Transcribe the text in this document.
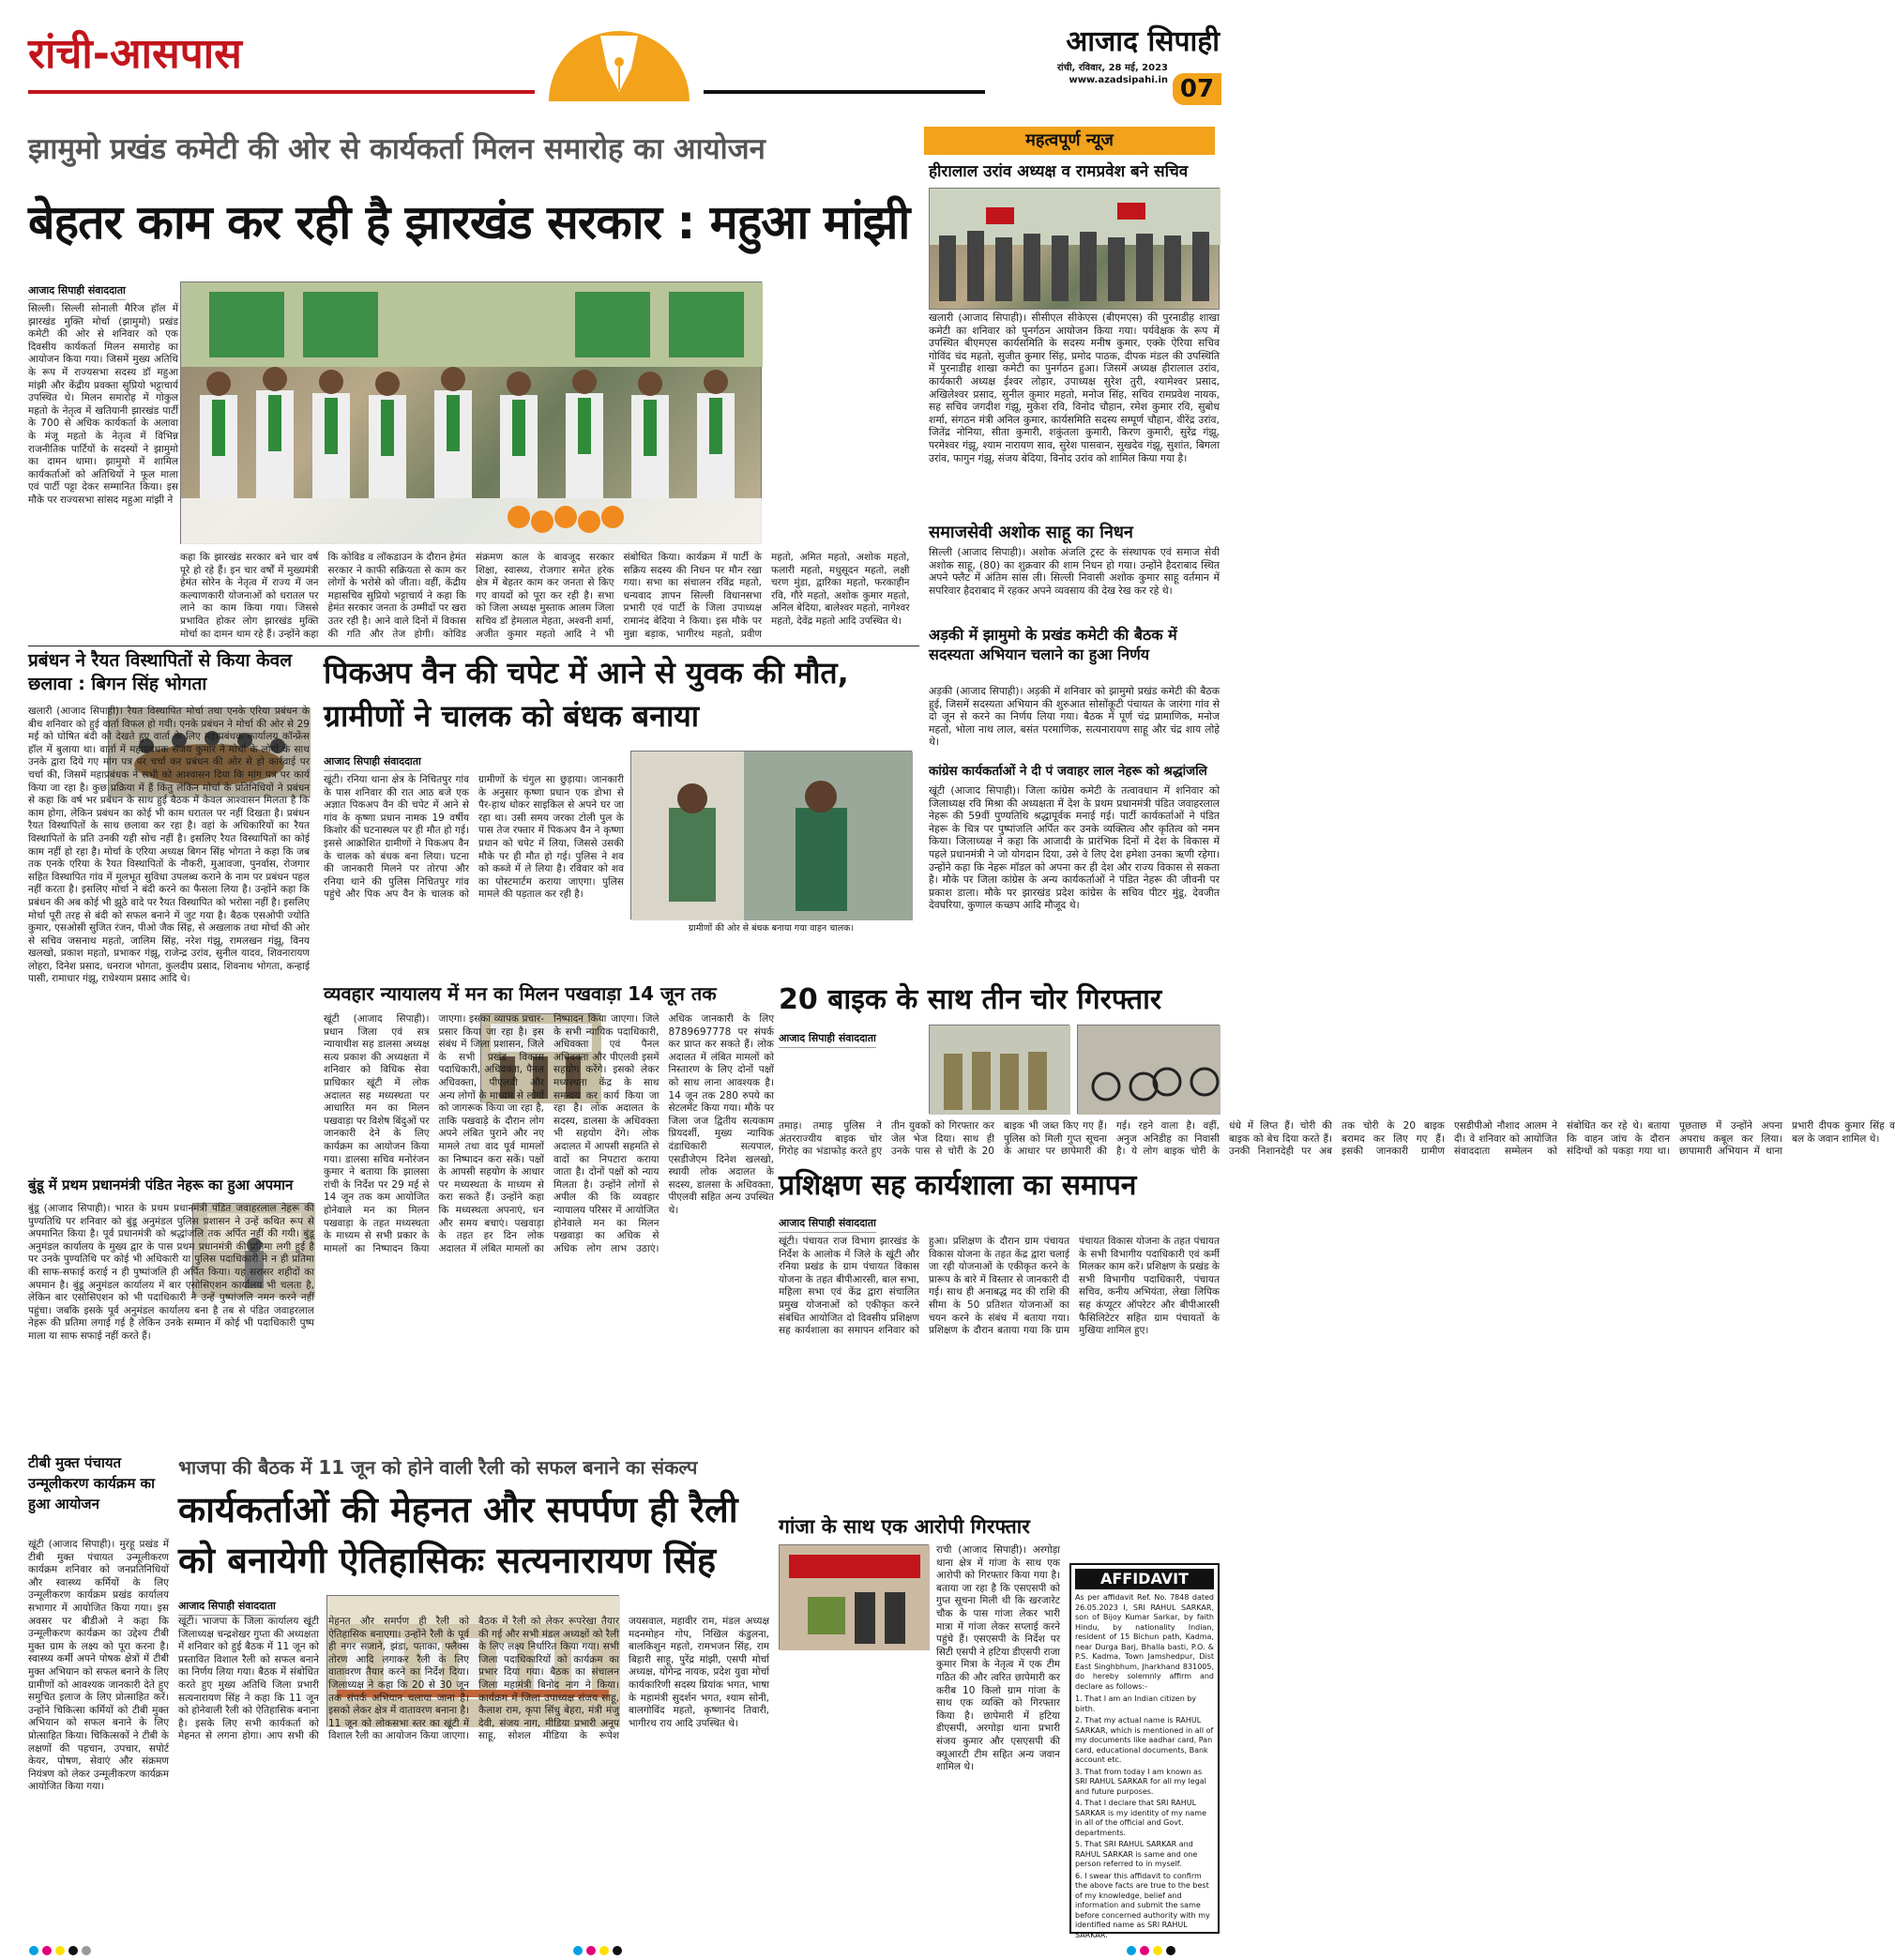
रांची-आसपास	आजाद सिपाही
रांची, रविवार, 28 मई, 2023
www.azadsipahi.in 07
झामुमो प्रखंड कमेटी की ओर से कार्यकर्ता मिलन समारोह का आयोजन
बेहतर काम कर रही है झारखंड सरकार : महुआ मांझी
आजाद सिपाही संवाददाता
सिल्ली। सिल्ली सोनाली मैरिज हॉल में झारखंड मुक्ति मोर्चा (झामुमो) प्रखंड कमेटी की ओर से शनिवार को एक दिवसीय कार्यकर्ता मिलन समारोह का आयोजन किया गया। जिसमें मुख्य अतिथि के रूप में राज्यसभा सदस्य डॉ महुआ मांझी और केंद्रीय प्रवक्ता सुप्रियो भट्टाचार्य उपस्थित थे। मिलन समारोह में गोकुल महतो के नेतृत्व में खतियानी झारखंड पार्टी के 700 से अधिक कार्यकर्ता के अलावा के मंजू महतो के नेतृत्व में विभिन्न राजनीतिक पार्टियों के सदस्यों ने झामुमो का दामन थामा। झामुमो में शामिल कार्यकर्ताओं को अतिथियों ने फूल माला एवं पार्टी पट्टा देकर सम्मानित किया। इस मौके पर राज्यसभा सांसद महुआ मांझी ने
कहा कि झारखंड सरकार बने चार वर्ष पूरे हो रहे हैं। इन चार वर्षों में मुख्यमंत्री हेमंत सोरेन के नेतृत्व में राज्य में जन कल्याणकारी योजनाओं को धरातल पर लाने का काम किया गया। जिससे प्रभावित होकर लोग झारखंड मुक्ति मोर्चा का दामन थाम रहे हैं। उन्होंने कहा कि कोविड व लॉकडाउन के दौरान हेमंत सरकार ने काफी सक्रियता से काम कर लोगों के भरोसे को जीता। वहीं, केंद्रीय महासचिव सुप्रियो भट्टाचार्य ने कहा कि हेमंत सरकार जनता के उम्मीदों पर खरा उतर रही है। आने वाले दिनों में विकास की गति और तेज होगी। कोविड संक्रमण काल के बावजूद सरकार शिक्षा, स्वास्थ्य, रोजगार समेत हरेक क्षेत्र में बेहतर काम कर जनता से किए गए वायदों को पूरा कर रही है। सभा को जिला अध्यक्ष मुस्ताक आलम जिला सचिव डॉ हेमलाल मेहता, अश्वनी शर्मा, अजीत कुमार महतो आदि ने भी संबोधित किया। कार्यक्रम में पार्टी के सक्रिय सदस्य की निधन पर मौन रखा गया। सभा का संचालन रविंद्र महतो, धन्यवाद ज्ञापन सिल्ली विधानसभा प्रभारी एवं पार्टी के जिला उपाध्यक्ष रामानंद बेदिया ने किया। इस मौके पर मुन्ना बड़ाक, भागीरथ महतो, प्रवीण महतो, अमित महतो, अशोक महतो, फलारी महतो, मधुसूदन महतो, लक्षी चरण मुंडा, द्वारिका महतो, फरकाहीन रवि, गौरे महतो, अशोक कुमार महतो, अनिल बेदिया, बालेश्वर महतो, नागेश्वर महतो, देवेंद्र महतो आदि उपस्थित थे।
महत्वपूर्ण न्यूज
हीरालाल उरांव अध्यक्ष व रामप्रवेश बने सचिव
खलारी (आजाद सिपाही)। सीसीएल सीकेएस (बीएमएस) की पुरनाडीह शाखा कमेटी का शनिवार को पुनर्गठन आयोजन किया गया। पर्यवेक्षक के रूप में उपस्थित बीएमएस कार्यसमिति के सदस्य मनीष कुमार, एक्के ऐरिया सचिव गोविंद चंद महतो, सुजीत कुमार सिंह, प्रमोद पाठक, दीपक मंडल की उपस्थिति में पुरनाडीह शाखा कमेटी का पुनर्गठन हुआ। जिसमें अध्यक्ष हीरालाल उरांव, कार्यकारी अध्यक्ष ईश्वर लोहार, उपाध्यक्ष सुरेश तुरी, श्यामेश्वर प्रसाद, अखिलेश्वर प्रसाद, सुनील कुमार महतो, मनोज सिंह, सचिव रामप्रवेश नायक, सह सचिव जगदीश गंझू, मुकेश रवि, विनोद चौहान, रमेश कुमार रवि, सुबोध शर्मा, संगठन मंत्री अनिल कुमार, कार्यसमिति सदस्य सम्पूर्ण चौहान, वीरेंद्र उरांव, जितेंद्र नोनिया, सीता कुमारी, शकुंतला कुमारी, किरण कुमारी, सुरेंद्र गंझू, परमेश्वर गंझू, श्याम नारायण साव, सुरेश पासवान, सुखदेव गंझू, सुशांत, बिगला उरांव, फागुन गंझू, संजय बेदिया, विनोद उरांव को शामिल किया गया है।
समाजसेवी अशोक साहू का निधन
सिल्ली (आजाद सिपाही)। अशोक अंजलि ट्रस्ट के संस्थापक एवं समाज सेवी अशोक साहू, (80) का शुक्रवार की शाम निधन हो गया। उन्होंने हैदराबाद स्थित अपने फ्लैट में अंतिम सांस ली। सिल्ली निवासी अशोक कुमार साहू वर्तमान में सपरिवार हैदराबाद में रहकर अपने व्यवसाय की देख रेख कर रहे थे।
अड़की में झामुमो के प्रखंड कमेटी की बैठक में सदस्यता अभियान चलाने का हुआ निर्णय
अड़की (आजाद सिपाही)। अड़की में शनिवार को झामुमो प्रखंड कमेटी की बैठक हुई, जिसमें सदस्यता अभियान की शुरुआत सोसोंकूटी पंचायत के जारंगा गांव से दो जून से करने का निर्णय लिया गया। बैठक में पूर्ण चंद्र प्रामाणिक, मनोज महतो, भोला नाथ लाल, बसंत परमाणिक, सत्यनारायण साहू और चंद्र शाय लोहे थे।
कांग्रेस कार्यकर्ताओं ने दी पं जवाहर लाल नेहरू को श्रद्धांजलि
खूंटी (आजाद सिपाही)। जिला कांग्रेस कमेटी के तत्वावधान में शनिवार को जिलाध्यक्ष रवि मिश्रा की अध्यक्षता में देश के प्रथम प्रधानमंत्री पंडित जवाहरलाल नेहरू की 59वीं पुण्यतिथि श्रद्धापूर्वक मनाई गई। पार्टी कार्यकर्ताओं ने पंडित नेहरू के चित्र पर पुष्पांजलि अर्पित कर उनके व्यक्तित्व और कृतित्व को नमन किया। जिलाध्यक्ष ने कहा कि आजादी के प्रारंभिक दिनों में देश के विकास में पहले प्रधानमंत्री ने जो योगदान दिया, उसे वे लिए देश हमेशा उनका ऋणी रहेगा। उन्होंने कहा कि नेहरू मॉडल को अपना कर ही देश और राज्य विकास से सकता है। मौके पर जिला कांग्रेस के अन्य कार्यकर्ताओं ने पंडित नेहरू की जीवनी पर प्रकाश डाला। मौके पर झारखंड प्रदेश कांग्रेस के सचिव पीटर मुंडू, देवजीत देवघरिया, कुणाल कच्छप आदि मौजूद थे।
प्रबंधन ने रैयत विस्थापितों से किया केवल छलावा : बिगन सिंह भोगता
खलारी (आजाद सिपाही)। रैयत विस्थापित मोर्चा तथा एनके एरिया प्रबंधन के बीच शनिवार को हुई वार्ता विफल हो गयी। एनके प्रबंधन ने मोर्चा की ओर से 29 मई को घोषित बंदी को देखते हुए वार्ता के लिए महाप्रबंधक कार्यालय कॉन्फ्रेंस हॉल में बुलाया था। वार्ता में महाप्रबंधक संजय कुमार ने मोर्चा के लोगों के साथ उनके द्वारा दिये गए मांग पत्र पर चर्चा कर प्रबंधन की ओर से हो कार्रवाई पर चर्चा की, जिसमें महाप्रबंधक ने सभी को आश्वासन दिया कि मांग पत्र पर कार्य किया जा रहा है। कुछ प्रक्रिया में हैं किंतु लेकिन मोर्चा के प्रतिनिधियों ने प्रबंधन से कहा कि वर्ष भर प्रबंधन के साथ हुई बैठक में केवल आश्वासन मिलता है कि काम होगा, लेकिन प्रबंधन का कोई भी काम धरातल पर नहीं दिखता है। प्रबंधन रैयत विस्थापितों के साथ छलावा कर रहा है। वहां के अधिकारियों का रैयत विस्थापितों के प्रति उनकी यही सोच नहीं है। इसलिए रैयत विस्थापितों का कोई काम नहीं हो रहा है। मोर्चा के एरिया अध्यक्ष बिगन सिंह भोगता ने कहा कि जब तक एनके एरिया के रैयत विस्थापितों के नौकरी, मुआवजा, पुनर्वास, रोजगार सहित विस्थापित गांव में मूलभूत सुविधा उपलब्ध कराने के नाम पर प्रबंधन पहल नहीं करता है। इसलिए मोर्चा ने बंदी करने का फैसला लिया है। उन्होंने कहा कि प्रबंधन की अब कोई भी झूठे वादे पर रैयत विस्थापित को भरोसा नहीं है। इसलिए मोर्चा पूरी तरह से बंदी को सफल बनाने में जुट गया है। बैठक एसओपी ज्योति कुमार, एसओसी सुजित रंजन, पीओ जैक सिंह, से अखलाक तथा मोर्चा की ओर से सचिव जसनाथ महतो, जालिम सिंह, नरेश गंझू, रामलखन गंझू, विनय खलखो, प्रकाश महतो, प्रभाकर गंझू, राजेन्द्र उरांव, सुनील यादव, शिवनारायण लोहरा, दिनेश प्रसाद, धनराज भोगता, कुलदीप प्रसाद, शिवनाथ भोगता, कन्हाई पासी, रामाधार गंझू, राधेश्याम प्रसाद आदि थे।
बुंडू में प्रथम प्रधानमंत्री पंडित नेहरू का हुआ अपमान
बुंडू (आजाद सिपाही)। भारत के प्रथम प्रधानमंत्री पंडित जवाहरलाल नेहरू की पुण्यतिथि पर शनिवार को बुंडू अनुमंडल पुलिस प्रशासन ने उन्हें कथित रूप से अपमानित किया है। पूर्व प्रधानमंत्री को श्रद्धांजलि तक अर्पित नहीं की गयी। बुंडू अनुमंडल कार्यालय के मुख्य द्वार के पास प्रथम प्रधानमंत्री की प्रतिमा लगी हुई है पर उनके पुण्यतिथि पर कोई भी अधिकारी या पुलिस पदाधिकारी ने न ही प्रतिमा की साफ-सफाई कराई न ही पुष्पांजलि ही अर्पित किया। यह सरासर शहीदों का अपमान है। बुंडू अनुमंडल कार्यालय में बार एसोसिएशन कार्यालय भी चलता है, लेकिन बार एसोसिएशन को भी पदाधिकारी ने उन्हें पुष्पांजलि नमन करने नहीं पहुंचा। जबकि इसके पूर्व अनुमंडल कार्यालय बना है तब से पंडित जवाहरलाल नेहरू की प्रतिमा लगाई गई है लेकिन उनके सम्मान में कोई भी पदाधिकारी पुष्प माला या साफ सफाई नहीं करते हैं।
टीबी मुक्त पंचायत उन्मूलीकरण कार्यक्रम का हुआ आयोजन
खूंटी (आजाद सिपाही)। मुरहू प्रखंड में टीबी मुक्त पंचायत उन्मूलीकरण कार्यक्रम शनिवार को जनप्रतिनिधियों और स्वास्थ्य कर्मियों के लिए उन्मूलीकरण कार्यक्रम प्रखंड कार्यालय सभागार में आयोजित किया गया। इस अवसर पर बीडीओ ने कहा कि उन्मूलीकरण कार्यक्रम का उद्देश्य टीबी मुक्त ग्राम के लक्ष्य को पूरा करना है। स्वास्थ्य कर्मी अपने पोषक क्षेत्रों में टीबी मुक्त अभियान को सफल बनाने के लिए ग्रामीणों को आवश्यक जानकारी देते हुए समुचित इलाज के लिए प्रोत्साहित करें। उन्होंने चिकित्सा कर्मियों को टीबी मुक्त अभियान को सफल बनाने के लिए प्रोत्साहित किया। चिकित्सकों ने टीबी के लक्षणों की पहचान, उपचार, सपोर्ट केयर, पोषण, सेवाएं और संक्रमण नियंत्रण को लेकर उन्मूलीकरण कार्यक्रम आयोजित किया गया।
पिकअप वैन की चपेट में आने से युवक की मौत, ग्रामीणों ने चालक को बंधक बनाया
आजाद सिपाही संवाददाता
खूंटी। रनिया थाना क्षेत्र के निचितपुर गांव के पास शनिवार की रात आठ बजे एक अज्ञात पिकअप वैन की चपेट में आने से गांव के कृष्णा प्रधान नामक 19 वर्षीय किशोर की घटनास्थल पर ही मौत हो गई। इससे आक्रोशित ग्रामीणों ने पिकअप वैन के चालक को बंधक बना लिया। घटना की जानकारी मिलने पर तोरपा और रनिया थाने की पुलिस निचितपुर गांव पहुंचे और पिक अप वैन के चालक को ग्रामीणों के चंगुल सा छुड़ाया। जानकारी के अनुसार कृष्णा प्रधान एक डोभा से पैर-हाथ धोकर साइकिल से अपने घर जा रहा था। उसी समय जरका टोली पुल के पास तेज रफ्तार में पिकअप वैन ने कृष्णा प्रधान को चपेट में लिया, जिससे उसकी मौके पर ही मौत हो गई। पुलिस ने शव को कब्जे में ले लिया है। रविवार को शव का पोस्टमार्टम कराया जाएगा। पुलिस मामले की पड़ताल कर रही है।
ग्रामीणों की ओर से बंधक बनाया गया वाहन चालक।
व्यवहार न्यायालय में मन का मिलन पखवाड़ा 14 जून तक
खूंटी (आजाद सिपाही)। प्रधान जिला एवं सत्र न्यायाधीश सह डालसा अध्यक्ष सत्य प्रकाश की अध्यक्षता में शनिवार को विधिक सेवा प्राधिकार खूंटी में लोक अदालत सह मध्यस्थता पर आधारित मन का मिलन पखवाड़ा पर विशेष बिंदुओं पर जानकारी देने के लिए कार्यक्रम का आयोजन किया गया। डालसा सचिव मनोरंजन कुमार ने बताया कि झालसा रांची के निर्देश पर 29 मई से 14 जून तक कम आयोजित होनेवाले मन का मिलन पखवाड़ा के तहत मध्यस्थता के माध्यम से सभी प्रकार के मामलों का निष्पादन किया जाएगा। इसका व्यापक प्रचार-प्रसार किया जा रहा है। इस संबंध में जिला प्रशासन, जिले के सभी प्रखंड विकास पदाधिकारी, अधिवक्ता, पैनल अधिवक्ता, पीएलवी और अन्य लोगों के माध्यम से लोगों को जागरूक किया जा रहा है, ताकि पखवाड़े के दौरान लोग अपने लंबित पुराने और नए मामले तथा वाद पूर्व मामलों का निष्पादन करा सकें। पक्षों के आपसी सहयोग के आधार पर मध्यस्थता के माध्यम से करा सकते हैं। उन्होंने कहा कि मध्यस्थता अपनाएं, धन और समय बचाएं। पखवाड़ा के तहत हर दिन लोक अदालत में लंबित मामलों का निष्पादन किया जाएगा। जिले के सभी न्यायिक पदाधिकारी, अधिवक्ता एवं पैनल अधिवक्ता और पीएलवी इसमें सहयोग करेंगे। इसको लेकर मध्यस्थता केंद्र के साथ समन्वय कर कार्य किया जा रहा है। लोक अदालत के सदस्य, डालसा के अधिवक्ता भी सहयोग देंगे। लोक अदालत में आपसी सहमति से वादों का निपटारा कराया जाता है। दोनों पक्षों को न्याय मिलता है। उन्होंने लोगों से अपील की कि व्यवहार न्यायालय परिसर में आयोजित होनेवाले मन का मिलन पखवाड़ा का अधिक से अधिक लोग लाभ उठाएं। अधिक जानकारी के लिए 8789697778 पर संपर्क कर प्राप्त कर सकते हैं। लोक अदालत में लंबित मामलों को निस्तारण के लिए दोनों पक्षों को साथ लाना आवश्यक है। 14 जून तक 280 रुपये का सेटलमेंट किया गया। मौके पर जिला जज द्वितीय सत्यकाम प्रियदर्शी, मुख्य न्यायिक दंडाधिकारी सत्यपाल, एसडीजेएम दिनेश खलखो, स्थायी लोक अदालत के सदस्य, डालसा के अधिवक्ता, पीएलवी सहित अन्य उपस्थित थे।
20 बाइक के साथ तीन चोर गिरफ्तार
आजाद सिपाही संवाददाता
तमाड़। तमाड़ पुलिस ने अंतरराज्यीय बाइक चोर गिरोह का भंडाफोड़ करते हुए तीन युवकों को गिरफ्तार कर जेल भेज दिया। साथ ही उनके पास से चोरी के 20 बाइक भी जब्त किए गए हैं। पुलिस को मिली गुप्त सूचना के आधार पर छापेमारी की गई। रहने वाला है। वहीं, अनुज अनिडीह का निवासी है। ये लोग बाइक चोरी के धंधे में लिप्त हैं। चोरी की बाइक को बेच दिया करते हैं। उनकी निशानदेही पर अब तक चोरी के 20 बाइक बरामद कर लिए गए हैं। इसकी जानकारी ग्रामीण एसडीपीओ नौशाद आलम ने दी। वे शनिवार को आयोजित संवाददाता सम्मेलन को संबोधित कर रहे थे। बताया कि वाहन जांच के दौरान संदिग्धों को पकड़ा गया था। पूछताछ में उन्होंने अपना अपराध कबूल कर लिया। छापामारी अभियान में थाना प्रभारी दीपक कुमार सिंह व बल के जवान शामिल थे।
प्रशिक्षण सह कार्यशाला का समापन
आजाद सिपाही संवाददाता
खूंटी। पंचायत राज विभाग झारखंड के निर्देश के आलोक में जिले के खूंटी और रनिया प्रखंड के ग्राम पंचायत विकास योजना के तहत बीपीआरसी, बाल सभा, महिला सभा एवं केंद्र द्वारा संचालित प्रमुख योजनाओं को एकीकृत करने संबंधित आयोजित दो दिवसीय प्रशिक्षण सह कार्यशाला का समापन शनिवार को हुआ। प्रशिक्षण के दौरान ग्राम पंचायत विकास योजना के तहत केंद्र द्वारा चलाई जा रही योजनाओं के एकीकृत करने के प्रारूप के बारे में विस्तार से जानकारी दी गई। साथ ही अनाबद्ध मद की राशि की सीमा के 50 प्रतिशत योजनाओं का चयन करने के संबंध में बताया गया। प्रशिक्षण के दौरान बताया गया कि ग्राम पंचायत विकास योजना के तहत पंचायत के सभी विभागीय पदाधिकारी एवं कर्मी मिलकर काम करें। प्रशिक्षण के प्रखंड के सभी विभागीय पदाधिकारी, पंचायत सचिव, कनीय अभियंता, लेखा लिपिक सह कंप्यूटर ऑपरेटर और बीपीआरसी फैसिलिटेटर सहित ग्राम पंचायतों के मुखिया शामिल हुए।
भाजपा की बैठक में 11 जून को होने वाली रैली को सफल बनाने का संकल्प
कार्यकर्ताओं की मेहनत और सपर्पण ही रैली को बनायेगी ऐतिहासिकः सत्यनारायण सिंह
आजाद सिपाही संवाददाता
खूंटी। भाजपा के जिला कार्यालय खूंटी जिलाध्यक्ष चन्द्रशेखर गुप्ता की अध्यक्षता में शनिवार को हुई बैठक में 11 जून को प्रस्तावित विशाल रैली को सफल बनाने का निर्णय लिया गया। बैठक में संबोधित करते हुए मुख्य अतिथि जिला प्रभारी सत्यनारायण सिंह ने कहा कि 11 जून को होनेवाली रैली को ऐतिहासिक बनाना है। इसके लिए सभी कार्यकर्ता को मेहनत से लगना होगा। आप सभी की मेहनत और समर्पण ही रैली को ऐतिहासिक बनाएगा। उन्होंने रैली के पूर्व ही नगर सजाने, झंडा, पताका, फ्लैक्स तोरण आदि लगाकर रैली के लिए वातावरण तैयार करने का निर्देश दिया। जिलाध्यक्ष ने कहा कि 20 से 30 जून तक संपर्क अभियान चलाया जाना है। इसको लेकर क्षेत्र में वातावरण बनाना है। 11 जून को लोकसभा स्तर का खूंटी में विशाल रैली का आयोजन किया जाएगा। बैठक में रैली को लेकर रूपरेखा तैयार की गई और सभी मंडल अध्यक्षों को रैली के लिए लक्ष्य निर्धारित किया गया। सभी जिला पदाधिकारियों को कार्यक्रम का प्रभार दिया गया। बैठक का संचालन जिला महामंत्री बिनोद नाग ने किया। कार्यक्रम में जिला उपाध्यक्ष संजय साहू, कैलाश राम, कृपा सिंधु बेहरा, मंत्री मंजु देवी, संजय नाग, मीडिया प्रभारी अनूप साहू, सोशल मीडिया के रूपेश जयसवाल, महावीर राम, मंडल अध्यक्ष मदनमोहन गोप, निखिल कंडुलना, बालकिशुन महतो, रामभजन सिंह, राम बिहारी साहू, पुरेंद्र मांझी, एसपी मोर्चा अध्यक्ष, योगेन्द्र नायक, प्रदेश युवा मोर्चा कार्यकारिणी सदस्य प्रियांक भगत, भाषा के महामंत्री सुदर्शन भगत, श्याम सोनी, बालगोविंद महतो, कृष्णानंद तिवारी, भागीरथ राय आदि उपस्थित थे।
गांजा के साथ एक आरोपी गिरफ्तार
राची (आजाद सिपाही)। अरगोड़ा थाना क्षेत्र में गांजा के साथ एक आरोपी को गिरफ्तार किया गया है। बताया जा रहा है कि एसएसपी को गुप्त सूचना मिली थी कि खरजारेट चौक के पास गांजा लेकर भारी मात्रा में गांजा लेकर सप्लाई करने पहुंचे हैं। एसएसपी के निर्देश पर सिटी एसपी ने हटिया डीएसपी राजा कुमार मित्रा के नेतृत्व में एक टीम गठित की और त्वरित छापेमारी कर करीब 10 किलो ग्राम गांजा के साथ एक व्यक्ति को गिरफ्तार किया है। छापेमारी में हटिया डीएसपी, अरगोड़ा थाना प्रभारी संजय कुमार और एसएसपी की क्यूआरटी टीम सहित अन्य जवान शामिल थे।
AFFIDAVIT
As per affidavit Ref. No. 7848 dated 26.05.2023 I, SRI RAHUL SARKAR, son of Bijoy Kumar Sarkar, by faith Hindu, by nationality Indian, resident of 15 Bichun path, Kadma, near Durga Barj, Bhalla basti, P.O. & P.S. Kadma, Town Jamshedpur, Dist East Singhbhum, Jharkhand 831005, do hereby solemnly affirm and declare as follows:-
1. That I am an Indian citizen by birth.
2. That my actual name is RAHUL SARKAR, which is mentioned in all of my documents like aadhar card, Pan card, educational documents, Bank account etc.
3. That from today I am known as SRI RAHUL SARKAR for all my legal and future purposes.
4. That I declare that SRI RAHUL SARKAR is my identity of my name in all of the official and Govt. departments.
5. That SRI RAHUL SARKAR and RAHUL SARKAR is same and one person referred to in myself.
6. I swear this affidavit to confirm the above facts are true to the best of my knowledge, belief and information and submit the same before concerned authority with my identified name as SRI RAHUL SARKAR.
